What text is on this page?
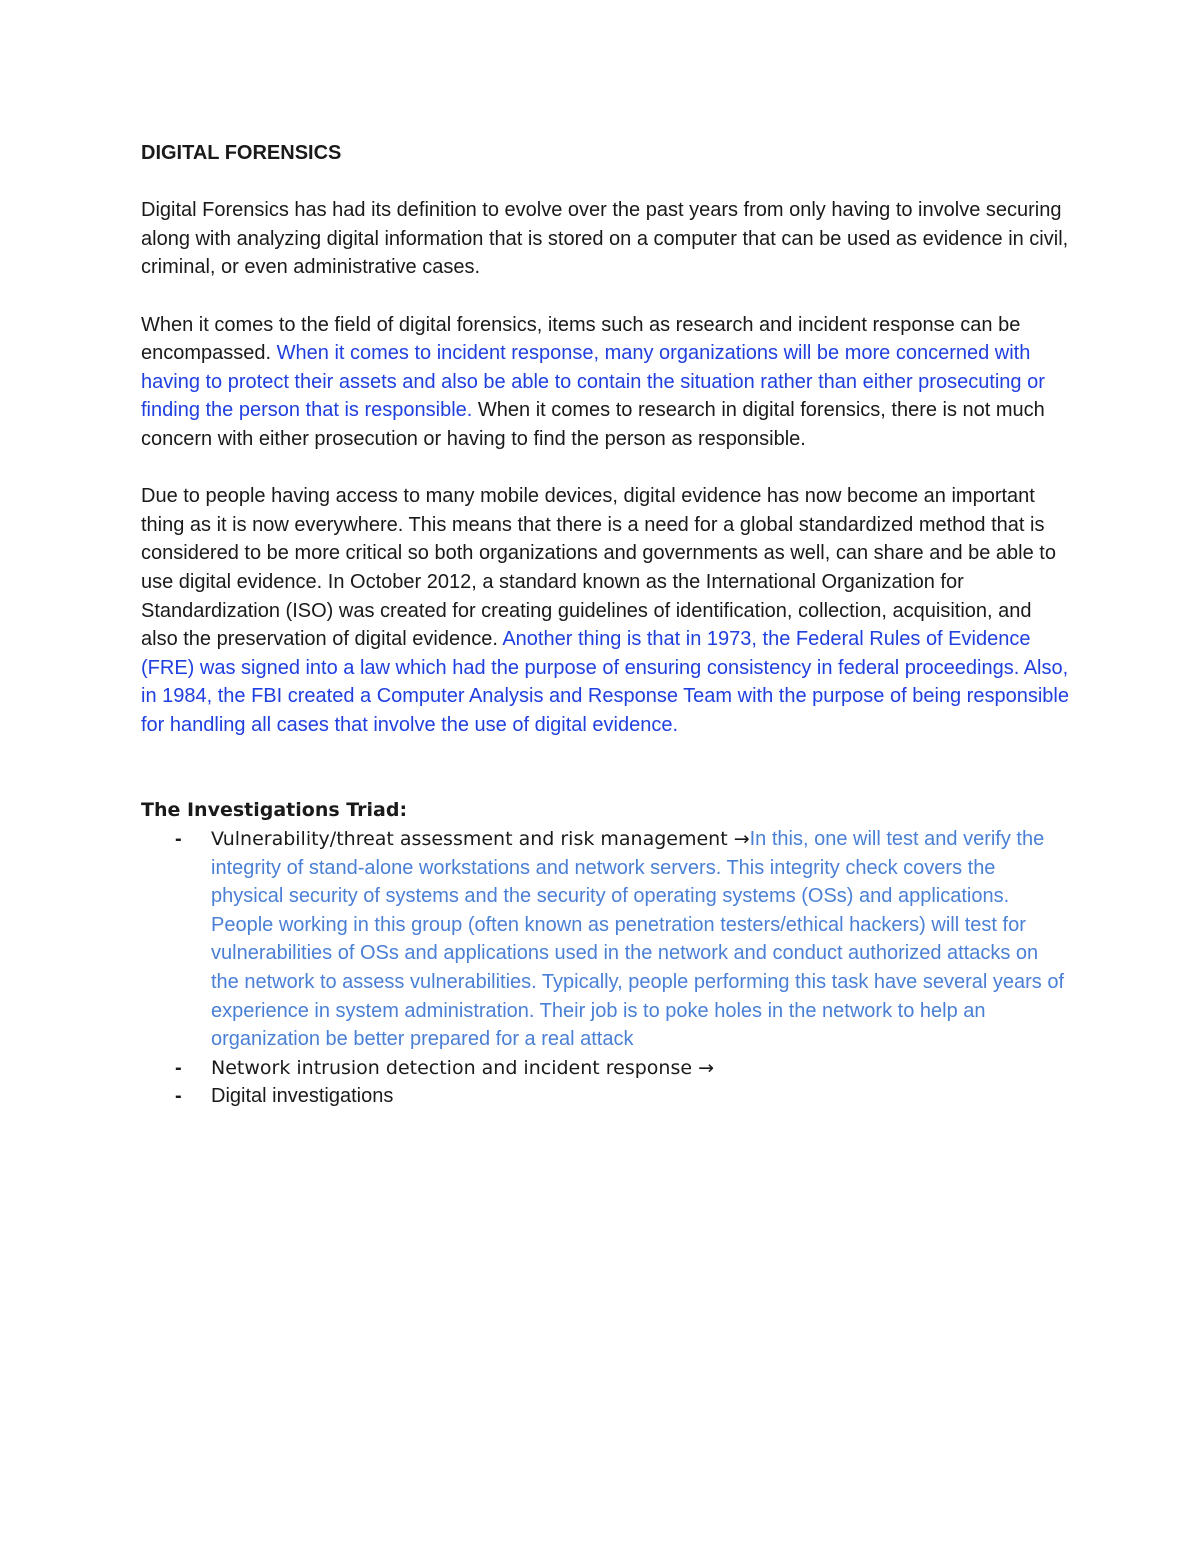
DIGITAL FORENSICS

Digital Forensics has had its definition to evolve over the past years from only having to involve securing along with analyzing digital information that is stored on a computer that can be used as evidence in civil, criminal, or even administrative cases.

When it comes to the field of digital forensics, items such as research and incident response can be encompassed. When it comes to incident response, many organizations will be more concerned with having to protect their assets and also be able to contain the situation rather than either prosecuting or finding the person that is responsible. When it comes to research in digital forensics, there is not much concern with either prosecution or having to find the person as responsible.

Due to people having access to many mobile devices, digital evidence has now become an important thing as it is now everywhere. This means that there is a need for a global standardized method that is considered to be more critical so both organizations and governments as well, can share and be able to use digital evidence. In October 2012, a standard known as the International Organization for Standardization (ISO) was created for creating guidelines of identification, collection, acquisition, and also the preservation of digital evidence. Another thing is that in 1973, the Federal Rules of Evidence (FRE) was signed into a law which had the purpose of ensuring consistency in federal proceedings. Also, in 1984, the FBI created a Computer Analysis and Response Team with the purpose of being responsible for handling all cases that involve the use of digital evidence.

The Investigations Triad:

- Vulnerability/threat assessment and risk management →In this, one will test and verify the integrity of stand-alone workstations and network servers. This integrity check covers the physical security of systems and the security of operating systems (OSs) and applications. People working in this group (often known as penetration testers/ethical hackers) will test for vulnerabilities of OSs and applications used in the network and conduct authorized attacks on the network to assess vulnerabilities. Typically, people performing this task have several years of experience in system administration. Their job is to poke holes in the network to help an organization be better prepared for a real attack
- Network intrusion detection and incident response →
- Digital investigations
